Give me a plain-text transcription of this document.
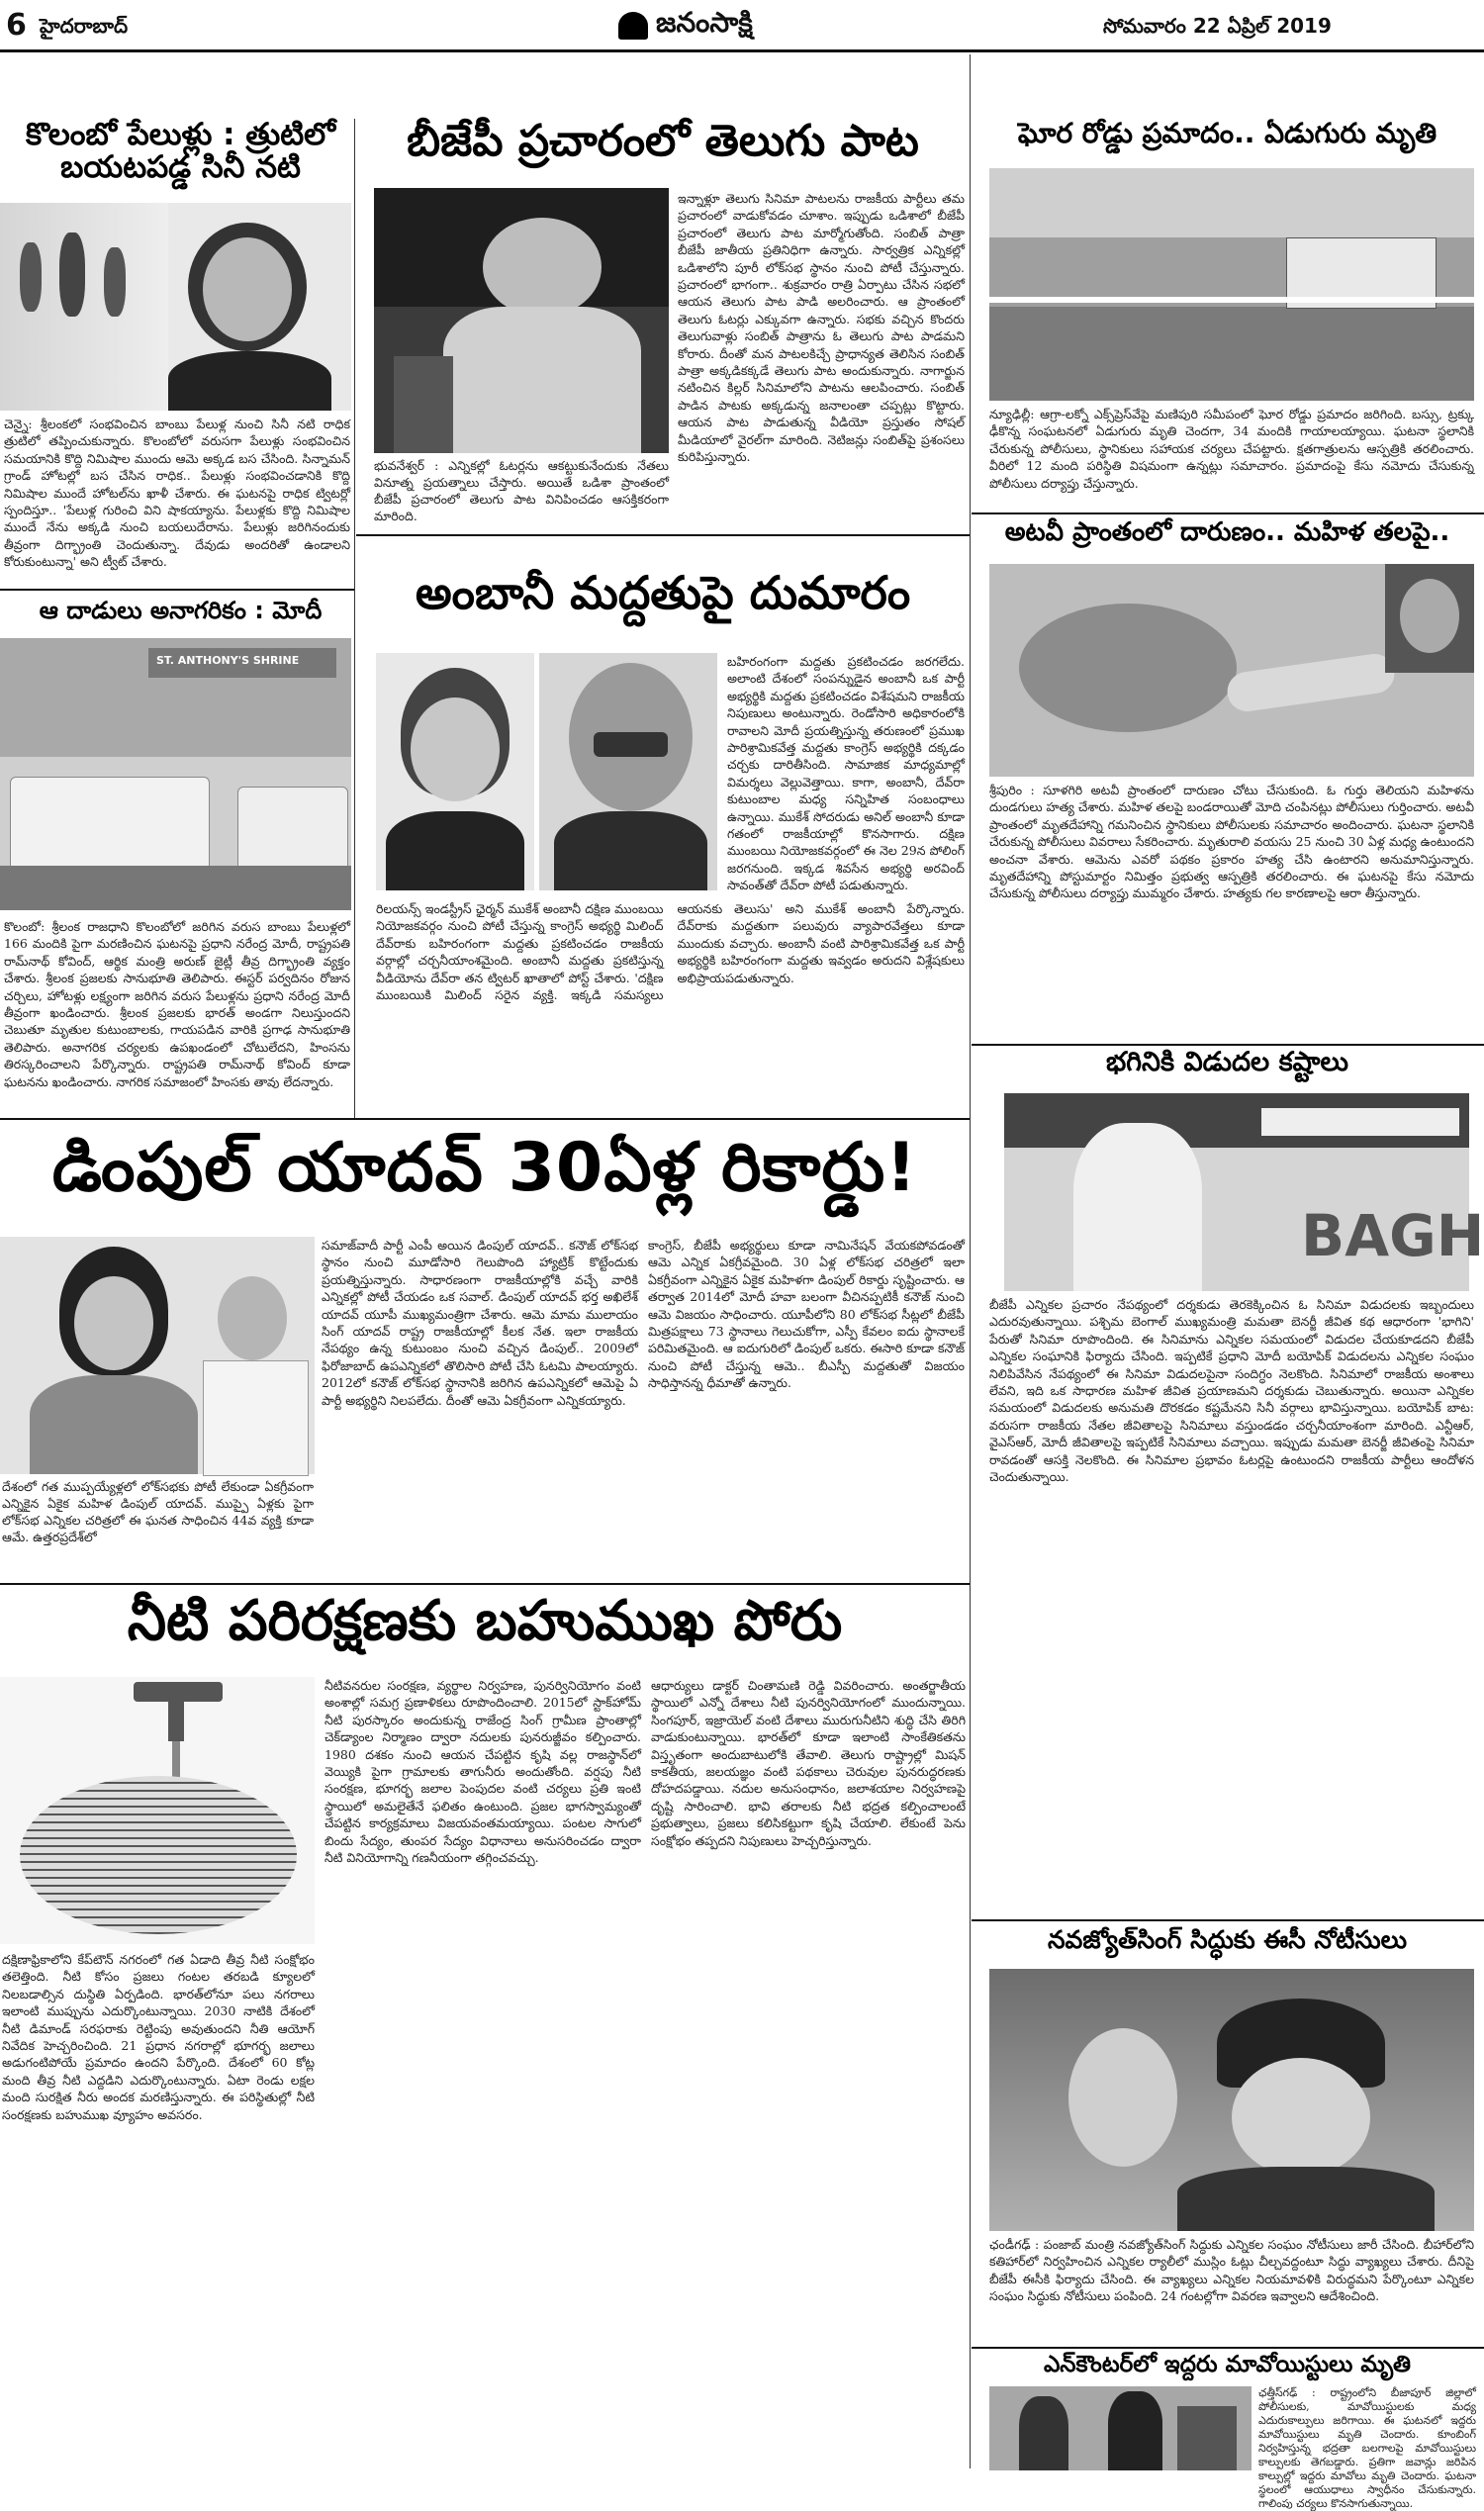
6 హైదరాబాద్	జనంసాక్షి	సోమవారం 22 ఏప్రిల్ 2019
కొలంబో పేలుళ్లు : త్రుటిలో బయటపడ్డ సినీ నటి
చెన్నై: శ్రీలంకలో సంభవించిన బాంబు పేలుళ్ల నుంచి సినీ నటి రాధిక త్రుటిలో తప్పించుకున్నారు. కొలంబోలో వరుసగా పేలుళ్లు సంభవించిన సమయానికి కొద్ది నిమిషాల ముందు ఆమె అక్కడ బస చేసింది. సిన్నామన్ గ్రాండ్ హోటల్లో బస చేసిన రాధిక.. పేలుళ్లు సంభవించడానికి కొద్ది నిమిషాల ముందే హోటల్‌ను ఖాళీ చేశారు. ఈ ఘటనపై రాధిక ట్విటర్లో స్పందిస్తూ.. 'పేలుళ్ల గురించి విని షాకయ్యాను. పేలుళ్లకు కొద్ది నిమిషాల ముందే నేను అక్కడి నుంచి బయలుదేరాను. పేలుళ్లు జరిగినందుకు తీవ్రంగా దిగ్భ్రాంతి చెందుతున్నా. దేవుడు అందరితో ఉండాలని కోరుకుంటున్నా' అని ట్వీట్ చేశారు.
ఆ దాడులు అనాగరికం : మోదీ
ST. ANTHONY'S SHRINE
కొలంబో: శ్రీలంక రాజధాని కొలంబోలో జరిగిన వరుస బాంబు పేలుళ్లలో 166 మందికి పైగా మరణించిన ఘటనపై ప్రధాని నరేంద్ర మోదీ, రాష్ట్రపతి రామ్‌నాథ్ కోవింద్, ఆర్థిక మంత్రి అరుణ్ జైట్లీ తీవ్ర దిగ్భ్రాంతి వ్యక్తం చేశారు. శ్రీలంక ప్రజలకు సానుభూతి తెలిపారు. ఈస్టర్ పర్వదినం రోజున చర్చిలు, హోటళ్లు లక్ష్యంగా జరిగిన వరుస పేలుళ్లను ప్రధాని నరేంద్ర మోదీ తీవ్రంగా ఖండించారు. శ్రీలంక ప్రజలకు భారత్ అండగా నిలుస్తుందని చెబుతూ మృతుల కుటుంబాలకు, గాయపడిన వారికి ప్రగాఢ సానుభూతి తెలిపారు. అనాగరిక చర్యలకు ఉపఖండంలో చోటులేదని, హింసను తిరస్కరించాలని పేర్కొన్నారు. రాష్ట్రపతి రామ్‌నాథ్ కోవింద్ కూడా ఘటనను ఖండించారు. నాగరిక సమాజంలో హింసకు తావు లేదన్నారు.
బీజేపీ ప్రచారంలో తెలుగు పాట
భువనేశ్వర్ : ఎన్నికల్లో ఓటర్లను ఆకట్టుకునేందుకు నేతలు వినూత్న ప్రయత్నాలు చేస్తారు. అయితే ఒడిశా ప్రాంతంలో బీజేపీ ప్రచారంలో తెలుగు పాట వినిపించడం ఆసక్తికరంగా మారింది.
ఇన్నాళ్లూ తెలుగు సినిమా పాటలను రాజకీయ పార్టీలు తమ ప్రచారంలో వాడుకోవడం చూశాం. ఇప్పుడు ఒడిశాలో బీజేపీ ప్రచారంలో తెలుగు పాట మార్మోగుతోంది. సంబిత్ పాత్రా బీజేపీ జాతీయ ప్రతినిధిగా ఉన్నారు. సార్వత్రిక ఎన్నికల్లో ఒడిశాలోని పూరీ లోక్‌సభ స్థానం నుంచి పోటీ చేస్తున్నారు. ప్రచారంలో భాగంగా.. శుక్రవారం రాత్రి ఏర్పాటు చేసిన సభలో ఆయన తెలుగు పాట పాడి అలరించారు. ఆ ప్రాంతంలో తెలుగు ఓటర్లు ఎక్కువగా ఉన్నారు. సభకు వచ్చిన కొందరు తెలుగువాళ్లు సంబిత్ పాత్రాను ఓ తెలుగు పాట పాడమని కోరారు. దీంతో మన పాటలకిచ్చే ప్రాధాన్యత తెలిసిన సంబిత్ పాత్రా అక్కడికక్కడే తెలుగు పాట అందుకున్నారు. నాగార్జున నటించిన కిల్లర్ సినిమాలోని పాటను ఆలపించారు. సంబిత్ పాడిన పాటకు అక్కడున్న జనాలంతా చప్పట్లు కొట్టారు. ఆయన పాట పాడుతున్న వీడియో ప్రస్తుతం సోషల్ మీడియాలో వైరల్‌గా మారింది. నెటిజన్లు సంబిత్‌పై ప్రశంసలు కురిపిస్తున్నారు.
అంబానీ మద్దతుపై దుమారం
బహిరంగంగా మద్దతు ప్రకటించడం జరగలేదు. అలాంటి దేశంలో సంపన్నుడైన అంబానీ ఒక పార్టీ అభ్యర్థికి మద్దతు ప్రకటించడం విశేషమని రాజకీయ నిపుణులు అంటున్నారు. రెండోసారి అధికారంలోకి రావాలని మోదీ ప్రయత్నిస్తున్న తరుణంలో ప్రముఖ పారిశ్రామికవేత్త మద్దతు కాంగ్రెస్ అభ్యర్థికి దక్కడం చర్చకు దారితీసింది. సామాజిక మాధ్యమాల్లో విమర్శలు వెల్లువెత్తాయి. కాగా, అంబానీ, దేవ్‌రా కుటుంబాల మధ్య సన్నిహిత సంబంధాలు ఉన్నాయి. ముకేశ్ సోదరుడు అనిల్ అంబానీ కూడా గతంలో రాజకీయాల్లో కొనసాగారు. దక్షిణ ముంబయి నియోజకవర్గంలో ఈ నెల 29న పోలింగ్ జరగనుంది. ఇక్కడ శివసేన అభ్యర్థి అరవింద్ సావంత్‌తో దేవ్‌రా పోటీ పడుతున్నారు.
రిలయన్స్ ఇండస్ట్రీస్ ఛైర్మన్ ముకేశ్ అంబానీ దక్షిణ ముంబయి నియోజకవర్గం నుంచి పోటీ చేస్తున్న కాంగ్రెస్ అభ్యర్థి మిలింద్ దేవ్‌రాకు బహిరంగంగా మద్దతు ప్రకటించడం రాజకీయ వర్గాల్లో చర్చనీయాంశమైంది. అంబానీ మద్దతు ప్రకటిస్తున్న వీడియోను దేవ్‌రా తన ట్విటర్ ఖాతాలో పోస్ట్ చేశారు. 'దక్షిణ ముంబయికి మిలింద్ సరైన వ్యక్తి. ఇక్కడి సమస్యలు ఆయనకు తెలుసు' అని ముకేశ్ అంబానీ పేర్కొన్నారు. దేవ్‌రాకు మద్దతుగా పలువురు వ్యాపారవేత్తలు కూడా ముందుకు వచ్చారు. అంబానీ వంటి పారిశ్రామికవేత్త ఒక పార్టీ అభ్యర్థికి బహిరంగంగా మద్దతు ఇవ్వడం అరుదని విశ్లేషకులు అభిప్రాయపడుతున్నారు.
డింపుల్ యాదవ్ 30ఏళ్ల రికార్డు!
దేశంలో గత ముప్పయ్యేళ్లలో లోక్‌సభకు పోటీ లేకుండా ఏకగ్రీవంగా ఎన్నికైన ఏకైక మహిళ డింపుల్ యాదవ్. ముప్పై ఏళ్లకు పైగా లోక్‌సభ ఎన్నికల చరిత్రలో ఈ ఘనత సాధించిన 44వ వ్యక్తి కూడా ఆమే. ఉత్తరప్రదేశ్‌లో
సమాజ్‌వాదీ పార్టీ ఎంపీ అయిన డింపుల్ యాదవ్.. కనౌజ్ లోక్‌సభ స్థానం నుంచి మూడోసారి గెలుపొంది హ్యాట్రిక్ కొట్టేందుకు ప్రయత్నిస్తున్నారు. సాధారణంగా రాజకీయాల్లోకి వచ్చే వారికి ఎన్నికల్లో పోటీ చేయడం ఒక సవాల్. డింపుల్ యాదవ్ భర్త అఖిలేశ్ యాదవ్ యూపీ ముఖ్యమంత్రిగా చేశారు. ఆమె మామ ములాయం సింగ్ యాదవ్ రాష్ట్ర రాజకీయాల్లో కీలక నేత. ఇలా రాజకీయ నేపథ్యం ఉన్న కుటుంబం నుంచి వచ్చిన డింపుల్.. 2009లో ఫిరోజాబాద్ ఉపఎన్నికలో తొలిసారి పోటీ చేసి ఓటమి పాలయ్యారు. 2012లో కనౌజ్ లోక్‌సభ స్థానానికి జరిగిన ఉపఎన్నికలో ఆమెపై ఏ పార్టీ అభ్యర్థిని నిలపలేదు. దీంతో ఆమె ఏకగ్రీవంగా ఎన్నికయ్యారు.
కాంగ్రెస్, బీజేపీ అభ్యర్థులు కూడా నామినేషన్ వేయకపోవడంతో ఆమె ఎన్నిక ఏకగ్రీవమైంది. 30 ఏళ్ల లోక్‌సభ చరిత్రలో ఇలా ఏకగ్రీవంగా ఎన్నికైన ఏకైక మహిళగా డింపుల్ రికార్డు సృష్టించారు. ఆ తర్వాత 2014లో మోదీ హవా బలంగా వీచినప్పటికీ కనౌజ్ నుంచి ఆమె విజయం సాధించారు. యూపీలోని 80 లోక్‌సభ సీట్లలో బీజేపీ మిత్రపక్షాలు 73 స్థానాలు గెలుచుకోగా, ఎస్పీ కేవలం ఐదు స్థానాలకే పరిమితమైంది. ఆ ఐదుగురిలో డింపుల్ ఒకరు. ఈసారి కూడా కనౌజ్ నుంచి పోటీ చేస్తున్న ఆమె.. బీఎస్పీ మద్దతుతో విజయం సాధిస్తానన్న ధీమాతో ఉన్నారు.
నీటి పరిరక్షణకు బహుముఖ పోరు
దక్షిణాఫ్రికాలోని కేప్‌టౌన్ నగరంలో గత ఏడాది తీవ్ర నీటి సంక్షోభం తలెత్తింది. నీటి కోసం ప్రజలు గంటల తరబడి క్యూలలో నిలబడాల్సిన దుస్థితి ఏర్పడింది. భారత్‌లోనూ పలు నగరాలు ఇలాంటి ముప్పును ఎదుర్కొంటున్నాయి. 2030 నాటికి దేశంలో నీటి డిమాండ్ సరఫరాకు రెట్టింపు అవుతుందని నీతి ఆయోగ్ నివేదిక హెచ్చరించింది. 21 ప్రధాన నగరాల్లో భూగర్భ జలాలు అడుగంటిపోయే ప్రమాదం ఉందని పేర్కొంది. దేశంలో 60 కోట్ల మంది తీవ్ర నీటి ఎద్దడిని ఎదుర్కొంటున్నారు. ఏటా రెండు లక్షల మంది సురక్షిత నీరు అందక మరణిస్తున్నారు. ఈ పరిస్థితుల్లో నీటి సంరక్షణకు బహుముఖ వ్యూహం అవసరం.
నీటివనరుల సంరక్షణ, వ్యర్థాల నిర్వహణ, పునర్వినియోగం వంటి అంశాల్లో సమగ్ర ప్రణాళికలు రూపొందించాలి. 2015లో స్టాక్‌హోమ్ నీటి పురస్కారం అందుకున్న రాజేంద్ర సింగ్ గ్రామీణ ప్రాంతాల్లో చెక్‌డ్యాంల నిర్మాణం ద్వారా నదులకు పునరుజ్జీవం కల్పించారు. 1980 దశకం నుంచి ఆయన చేపట్టిన కృషి వల్ల రాజస్థాన్‌లో వెయ్యికి పైగా గ్రామాలకు తాగునీరు అందుతోంది. వర్షపు నీటి సంరక్షణ, భూగర్భ జలాల పెంపుదల వంటి చర్యలు ప్రతి ఇంటి స్థాయిలో అమలైతేనే ఫలితం ఉంటుంది. ప్రజల భాగస్వామ్యంతో చేపట్టిన కార్యక్రమాలు విజయవంతమయ్యాయి. పంటల సాగులో బిందు సేద్యం, తుంపర సేద్యం విధానాలు అనుసరించడం ద్వారా నీటి వినియోగాన్ని గణనీయంగా తగ్గించవచ్చు.
ఆధార్యులు డాక్టర్ చింతామణి రెడ్డి వివరించారు. అంతర్జాతీయ స్థాయిలో ఎన్నో దేశాలు నీటి పునర్వినియోగంలో ముందున్నాయి. సింగపూర్, ఇజ్రాయెల్ వంటి దేశాలు మురుగునీటిని శుద్ధి చేసి తిరిగి వాడుకుంటున్నాయి. భారత్‌లో కూడా ఇలాంటి సాంకేతికతను విస్తృతంగా అందుబాటులోకి తేవాలి. తెలుగు రాష్ట్రాల్లో మిషన్ కాకతీయ, జలయజ్ఞం వంటి పథకాలు చెరువుల పునరుద్ధరణకు దోహదపడ్డాయి. నదుల అనుసంధానం, జలాశయాల నిర్వహణపై దృష్టి సారించాలి. భావి తరాలకు నీటి భద్రత కల్పించాలంటే ప్రభుత్వాలు, ప్రజలు కలిసికట్టుగా కృషి చేయాలి. లేకుంటే పెను సంక్షోభం తప్పదని నిపుణులు హెచ్చరిస్తున్నారు.
ఘోర రోడ్డు ప్రమాదం.. ఏడుగురు మృతి
న్యూఢిల్లీ: ఆగ్రా-లక్నో ఎక్స్‌ప్రెస్‌వేపై మణిపురి సమీపంలో ఘోర రోడ్డు ప్రమాదం జరిగింది. బస్సు, ట్రక్కు ఢీకొన్న సంఘటనలో ఏడుగురు మృతి చెందగా, 34 మందికి గాయాలయ్యాయి. ఘటనా స్థలానికి చేరుకున్న పోలీసులు, స్థానికులు సహాయక చర్యలు చేపట్టారు. క్షతగాత్రులను ఆస్పత్రికి తరలించారు. వీరిలో 12 మంది పరిస్థితి విషమంగా ఉన్నట్లు సమాచారం. ప్రమాదంపై కేసు నమోదు చేసుకున్న పోలీసులు దర్యాప్తు చేస్తున్నారు.
అటవీ ప్రాంతంలో దారుణం.. మహిళ తలపై..
శ్రీపురిం : సూళగిరి అటవీ ప్రాంతంలో దారుణం చోటు చేసుకుంది. ఓ గుర్తు తెలియని మహిళను దుండగులు హత్య చేశారు. మహిళ తలపై బండరాయితో మోది చంపినట్లు పోలీసులు గుర్తించారు. అటవీ ప్రాంతంలో మృతదేహాన్ని గమనించిన స్థానికులు పోలీసులకు సమాచారం అందించారు. ఘటనా స్థలానికి చేరుకున్న పోలీసులు వివరాలు సేకరించారు. మృతురాలి వయసు 25 నుంచి 30 ఏళ్ల మధ్య ఉంటుందని అంచనా వేశారు. ఆమెను ఎవరో పథకం ప్రకారం హత్య చేసి ఉంటారని అనుమానిస్తున్నారు. మృతదేహాన్ని పోస్టుమార్టం నిమిత్తం ప్రభుత్వ ఆస్పత్రికి తరలించారు. ఈ ఘటనపై కేసు నమోదు చేసుకున్న పోలీసులు దర్యాప్తు ముమ్మరం చేశారు. హత్యకు గల కారణాలపై ఆరా తీస్తున్నారు.
భగినికి విడుదల కష్టాలు
BAGH
బీజేపీ ఎన్నికల ప్రచారం నేపథ్యంలో దర్శకుడు తెరకెక్కించిన ఓ సినిమా విడుదలకు ఇబ్బందులు ఎదురవుతున్నాయి. పశ్చిమ బెంగాల్ ముఖ్యమంత్రి మమతా బెనర్జీ జీవిత కథ ఆధారంగా 'భాగిని' పేరుతో సినిమా రూపొందింది. ఈ సినిమాను ఎన్నికల సమయంలో విడుదల చేయకూడదని బీజేపీ ఎన్నికల సంఘానికి ఫిర్యాదు చేసింది. ఇప్పటికే ప్రధాని మోదీ బయోపిక్ విడుదలను ఎన్నికల సంఘం నిలిపివేసిన నేపథ్యంలో ఈ సినిమా విడుదలపైనా సందిగ్ధం నెలకొంది. సినిమాలో రాజకీయ అంశాలు లేవని, ఇది ఒక సాధారణ మహిళ జీవిత ప్రయాణమని దర్శకుడు చెబుతున్నారు. అయినా ఎన్నికల సమయంలో విడుదలకు అనుమతి దొరకడం కష్టమేనని సినీ వర్గాలు భావిస్తున్నాయి. బయోపిక్ బాట: వరుసగా రాజకీయ నేతల జీవితాలపై సినిమాలు వస్తుండడం చర్చనీయాంశంగా మారింది. ఎన్టీఆర్, వైఎస్ఆర్, మోదీ జీవితాలపై ఇప్పటికే సినిమాలు వచ్చాయి. ఇప్పుడు మమతా బెనర్జీ జీవితంపై సినిమా రావడంతో ఆసక్తి నెలకొంది. ఈ సినిమాల ప్రభావం ఓటర్లపై ఉంటుందని రాజకీయ పార్టీలు ఆందోళన చెందుతున్నాయి.
నవజ్యోత్‌సింగ్ సిద్ధుకు ఈసీ నోటీసులు
ఛండీగఢ్ : పంజాబ్ మంత్రి నవజ్యోత్‌సింగ్ సిద్ధుకు ఎన్నికల సంఘం నోటీసులు జారీ చేసింది. బీహార్‌లోని కతిహార్‌లో నిర్వహించిన ఎన్నికల ర్యాలీలో ముస్లిం ఓట్లు చీల్చవద్దంటూ సిద్ధు వ్యాఖ్యలు చేశారు. దీనిపై బీజేపీ ఈసీకి ఫిర్యాదు చేసింది. ఈ వ్యాఖ్యలు ఎన్నికల నియమావళికి విరుద్ధమని పేర్కొంటూ ఎన్నికల సంఘం సిద్ధుకు నోటీసులు పంపింది. 24 గంటల్లోగా వివరణ ఇవ్వాలని ఆదేశించింది.
ఎన్‌కౌంటర్‌లో ఇద్దరు మావోయిస్టులు మృతి
ఛత్తీస్‌గఢ్ : రాష్ట్రంలోని బీజాపూర్ జిల్లాలో పోలీసులకు, మావోయిస్టులకు మధ్య ఎదురుకాల్పులు జరిగాయి. ఈ ఘటనలో ఇద్దరు మావోయిస్టులు మృతి చెందారు. కూంబింగ్ నిర్వహిస్తున్న భద్రతా బలగాలపై మావోయిస్టులు కాల్పులకు తెగబడ్డారు. ప్రతిగా జవాన్లు జరిపిన కాల్పుల్లో ఇద్దరు మావోలు మృతి చెందారు. ఘటనా స్థలంలో ఆయుధాలు స్వాధీనం చేసుకున్నారు. గాలింపు చర్యలు కొనసాగుతున్నాయి.
